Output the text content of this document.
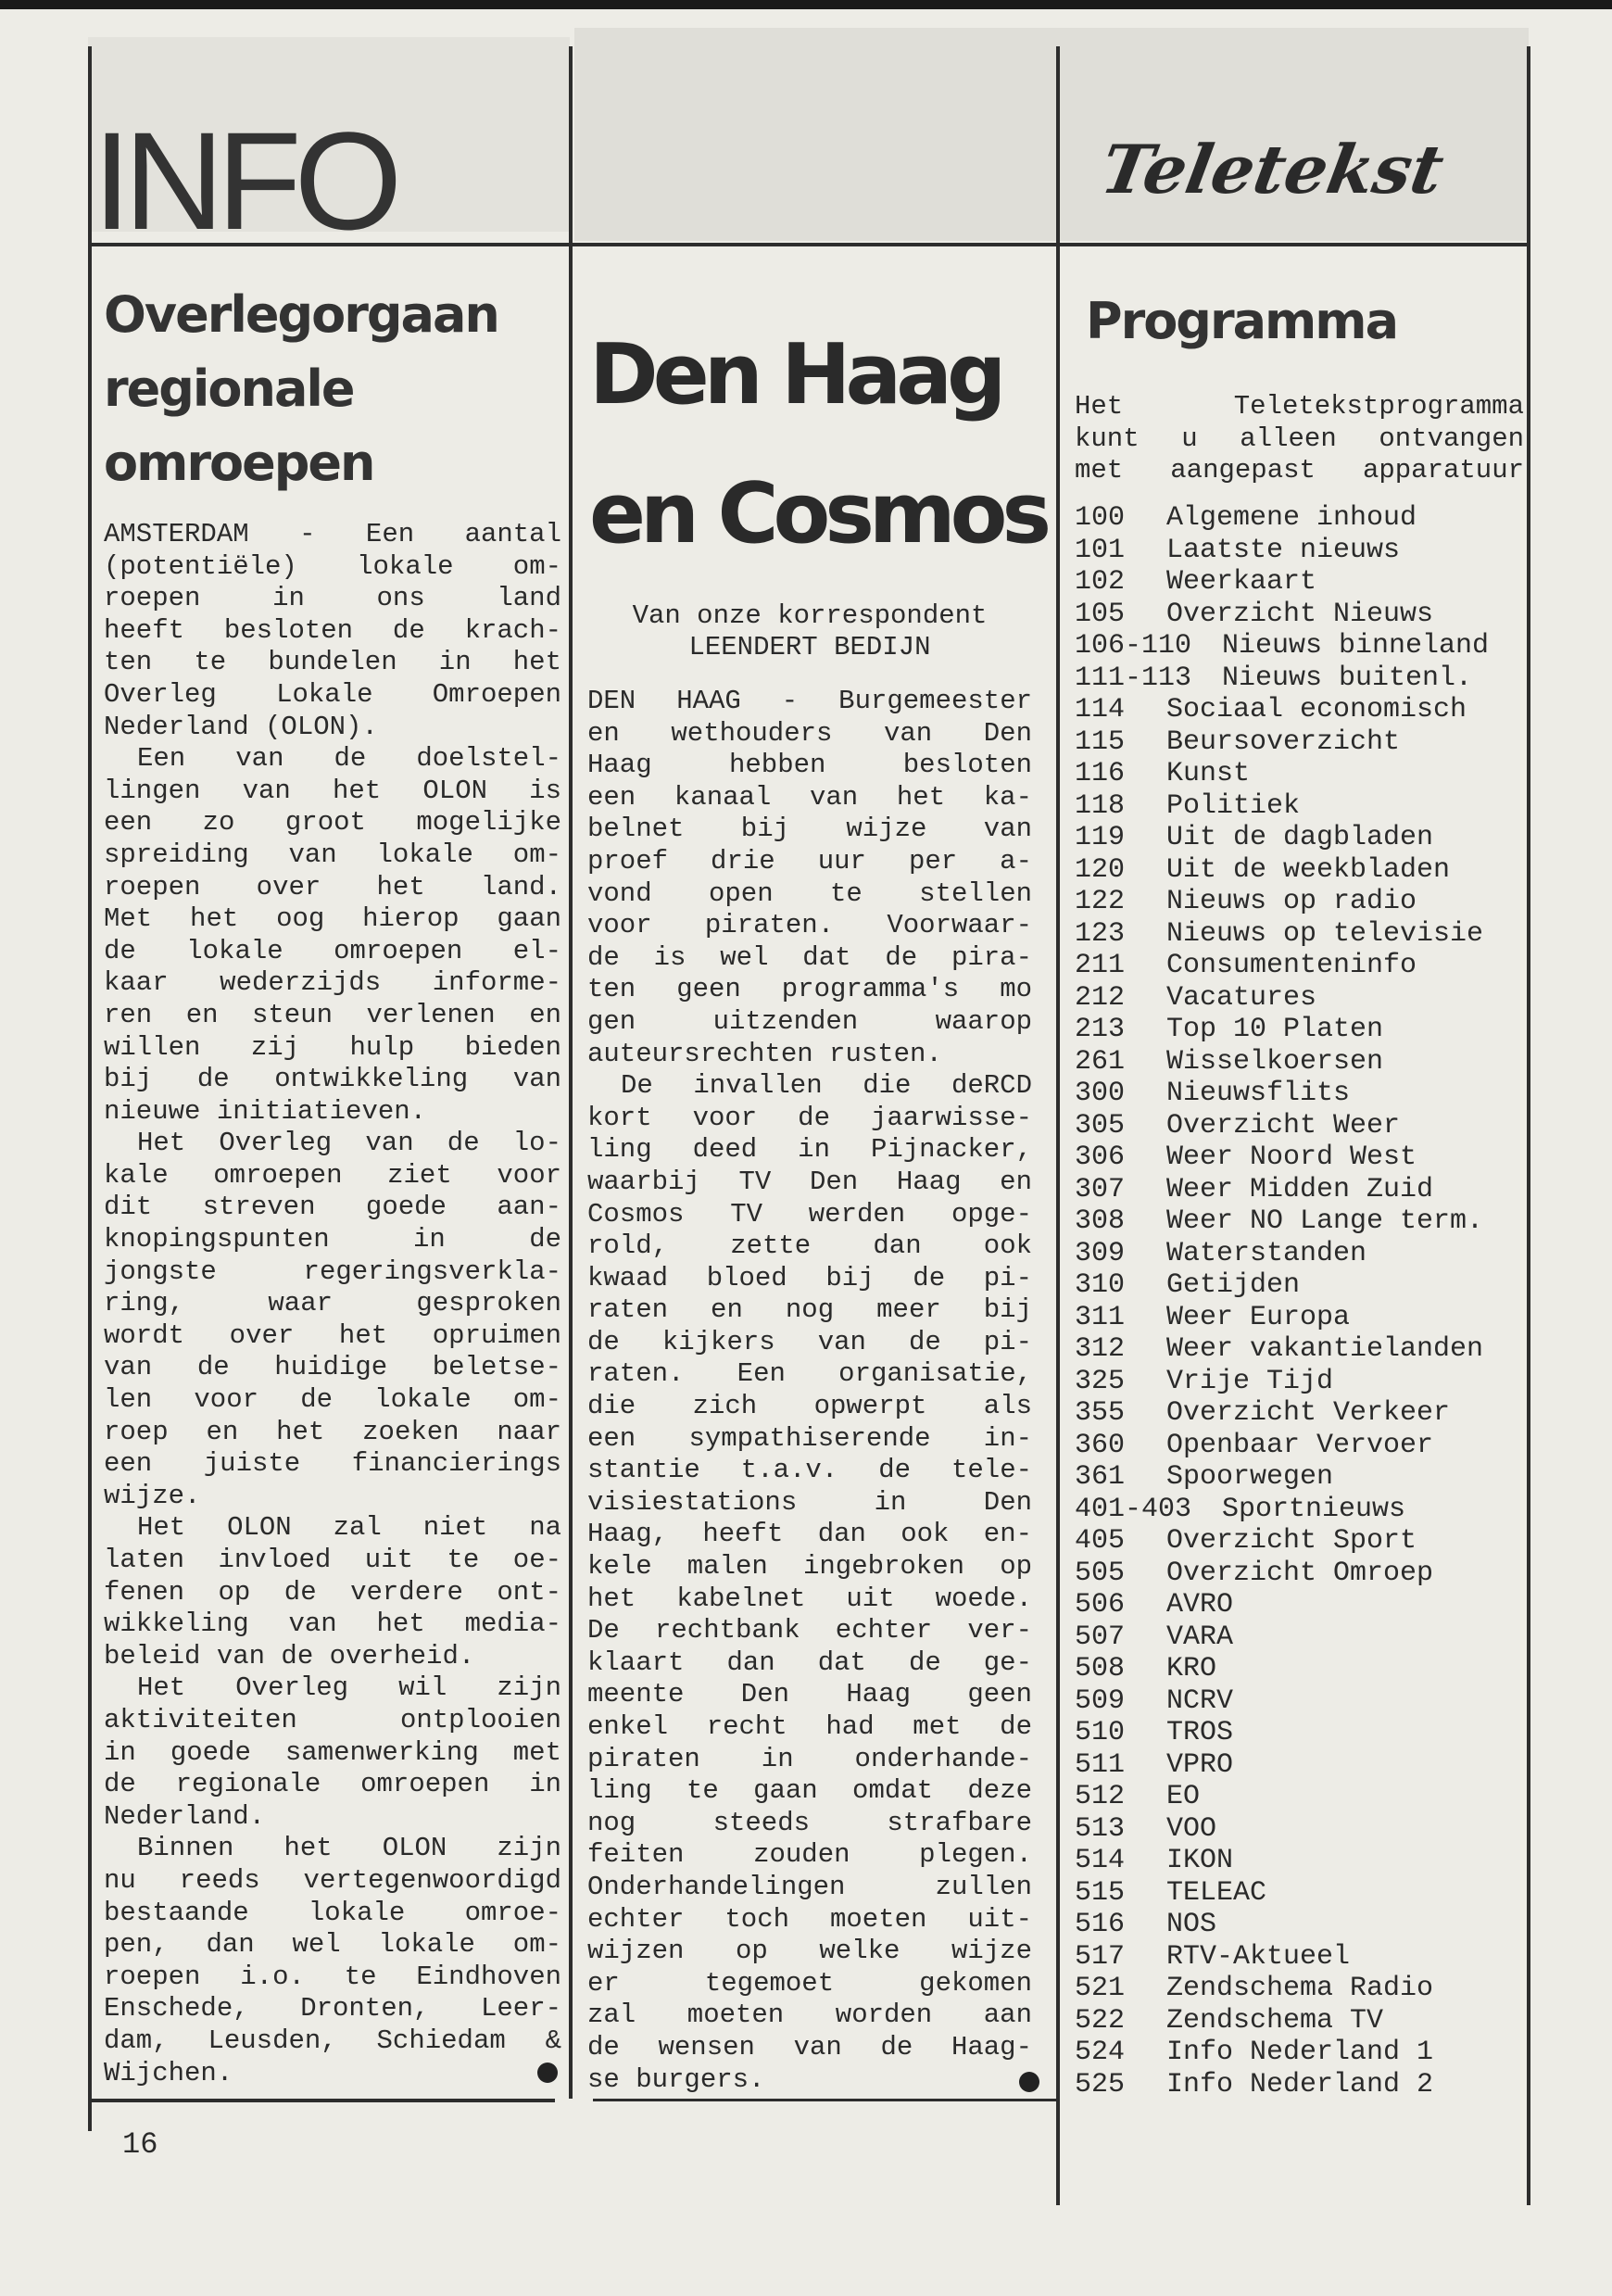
INFO	Teletekst
Overlegorgaan
regionale
omroepen
AMSTERDAM - Een aantal
(potentiële) lokale om-
roepen in ons land
heeft besloten de krach-
ten te bundelen in het
Overleg Lokale Omroepen
Nederland (OLON).
Een van de doelstel-
lingen van het OLON is
een zo groot mogelijke
spreiding van lokale om-
roepen over het land.
Met het oog hierop gaan
de lokale omroepen el-
kaar wederzijds informe-
ren en steun verlenen en
willen zij hulp bieden
bij de ontwikkeling van
nieuwe initiatieven.
Het Overleg van de lo-
kale omroepen ziet voor
dit streven goede aan-
knopingspunten in de
jongste regeringsverkla-
ring, waar gesproken
wordt over het opruimen
van de huidige beletse-
len voor de lokale om-
roep en het zoeken naar
een juiste financierings
wijze.
Het OLON zal niet na
laten invloed uit te oe-
fenen op de verdere ont-
wikkeling van het media-
beleid van de overheid.
Het Overleg wil zijn
aktiviteiten ontplooien
in goede samenwerking met
de regionale omroepen in
Nederland.
Binnen het OLON zijn
nu reeds vertegenwoordigd
bestaande lokale omroe-
pen, dan wel lokale om-
roepen i.o. te Eindhoven
Enschede, Dronten, Leer-
dam, Leusden, Schiedam &
Wijchen.
Den Haag
en Cosmos
Van onze korrespondent
LEENDERT BEDIJN
DEN HAAG - Burgemeester
en wethouders van Den
Haag hebben besloten
een kanaal van het ka-
belnet bij wijze van
proef drie uur per a-
vond open te stellen
voor piraten. Voorwaar-
de is wel dat de pira-
ten geen programma's mo
gen uitzenden waarop
auteursrechten rusten.
De invallen die deRCD
kort voor de jaarwisse-
ling deed in Pijnacker,
waarbij TV Den Haag en
Cosmos TV werden opge-
rold, zette dan ook
kwaad bloed bij de pi-
raten en nog meer bij
de kijkers van de pi-
raten. Een organisatie,
die zich opwerpt als
een sympathiserende in-
stantie t.a.v. de tele-
visiestations in Den
Haag, heeft dan ook en-
kele malen ingebroken op
het kabelnet uit woede.
De rechtbank echter ver-
klaart dan dat de ge-
meente Den Haag geen
enkel recht had met de
piraten in onderhande-
ling te gaan omdat deze
nog steeds strafbare
feiten zouden plegen.
Onderhandelingen zullen
echter toch moeten uit-
wijzen op welke wijze
er tegemoet gekomen
zal moeten worden aan
de wensen van de Haag-
se burgers.
Programma
Het Teletekstprogramma
kunt u alleen ontvangen
met aangepast apparatuur
100	Algemene inhoud
101	Laatste nieuws
102	Weerkaart
105	Overzicht Nieuws
106-110	Nieuws binneland
111-113	Nieuws buitenl.
114	Sociaal economisch
115	Beursoverzicht
116	Kunst
118	Politiek
119	Uit de dagbladen
120	Uit de weekbladen
122	Nieuws op radio
123	Nieuws op televisie
211	Consumenteninfo
212	Vacatures
213	Top 10 Platen
261	Wisselkoersen
300	Nieuwsflits
305	Overzicht Weer
306	Weer Noord West
307	Weer Midden Zuid
308	Weer NO Lange term.
309	Waterstanden
310	Getijden
311	Weer Europa
312	Weer vakantielanden
325	Vrije Tijd
355	Overzicht Verkeer
360	Openbaar Vervoer
361	Spoorwegen
401-403	Sportnieuws
405	Overzicht Sport
505	Overzicht Omroep
506	AVRO
507	VARA
508	KRO
509	NCRV
510	TROS
511	VPRO
512	EO
513	VOO
514	IKON
515	TELEAC
516	NOS
517	RTV-Aktueel
521	Zendschema Radio
522	Zendschema TV
524	Info Nederland 1
525	Info Nederland 2
16
